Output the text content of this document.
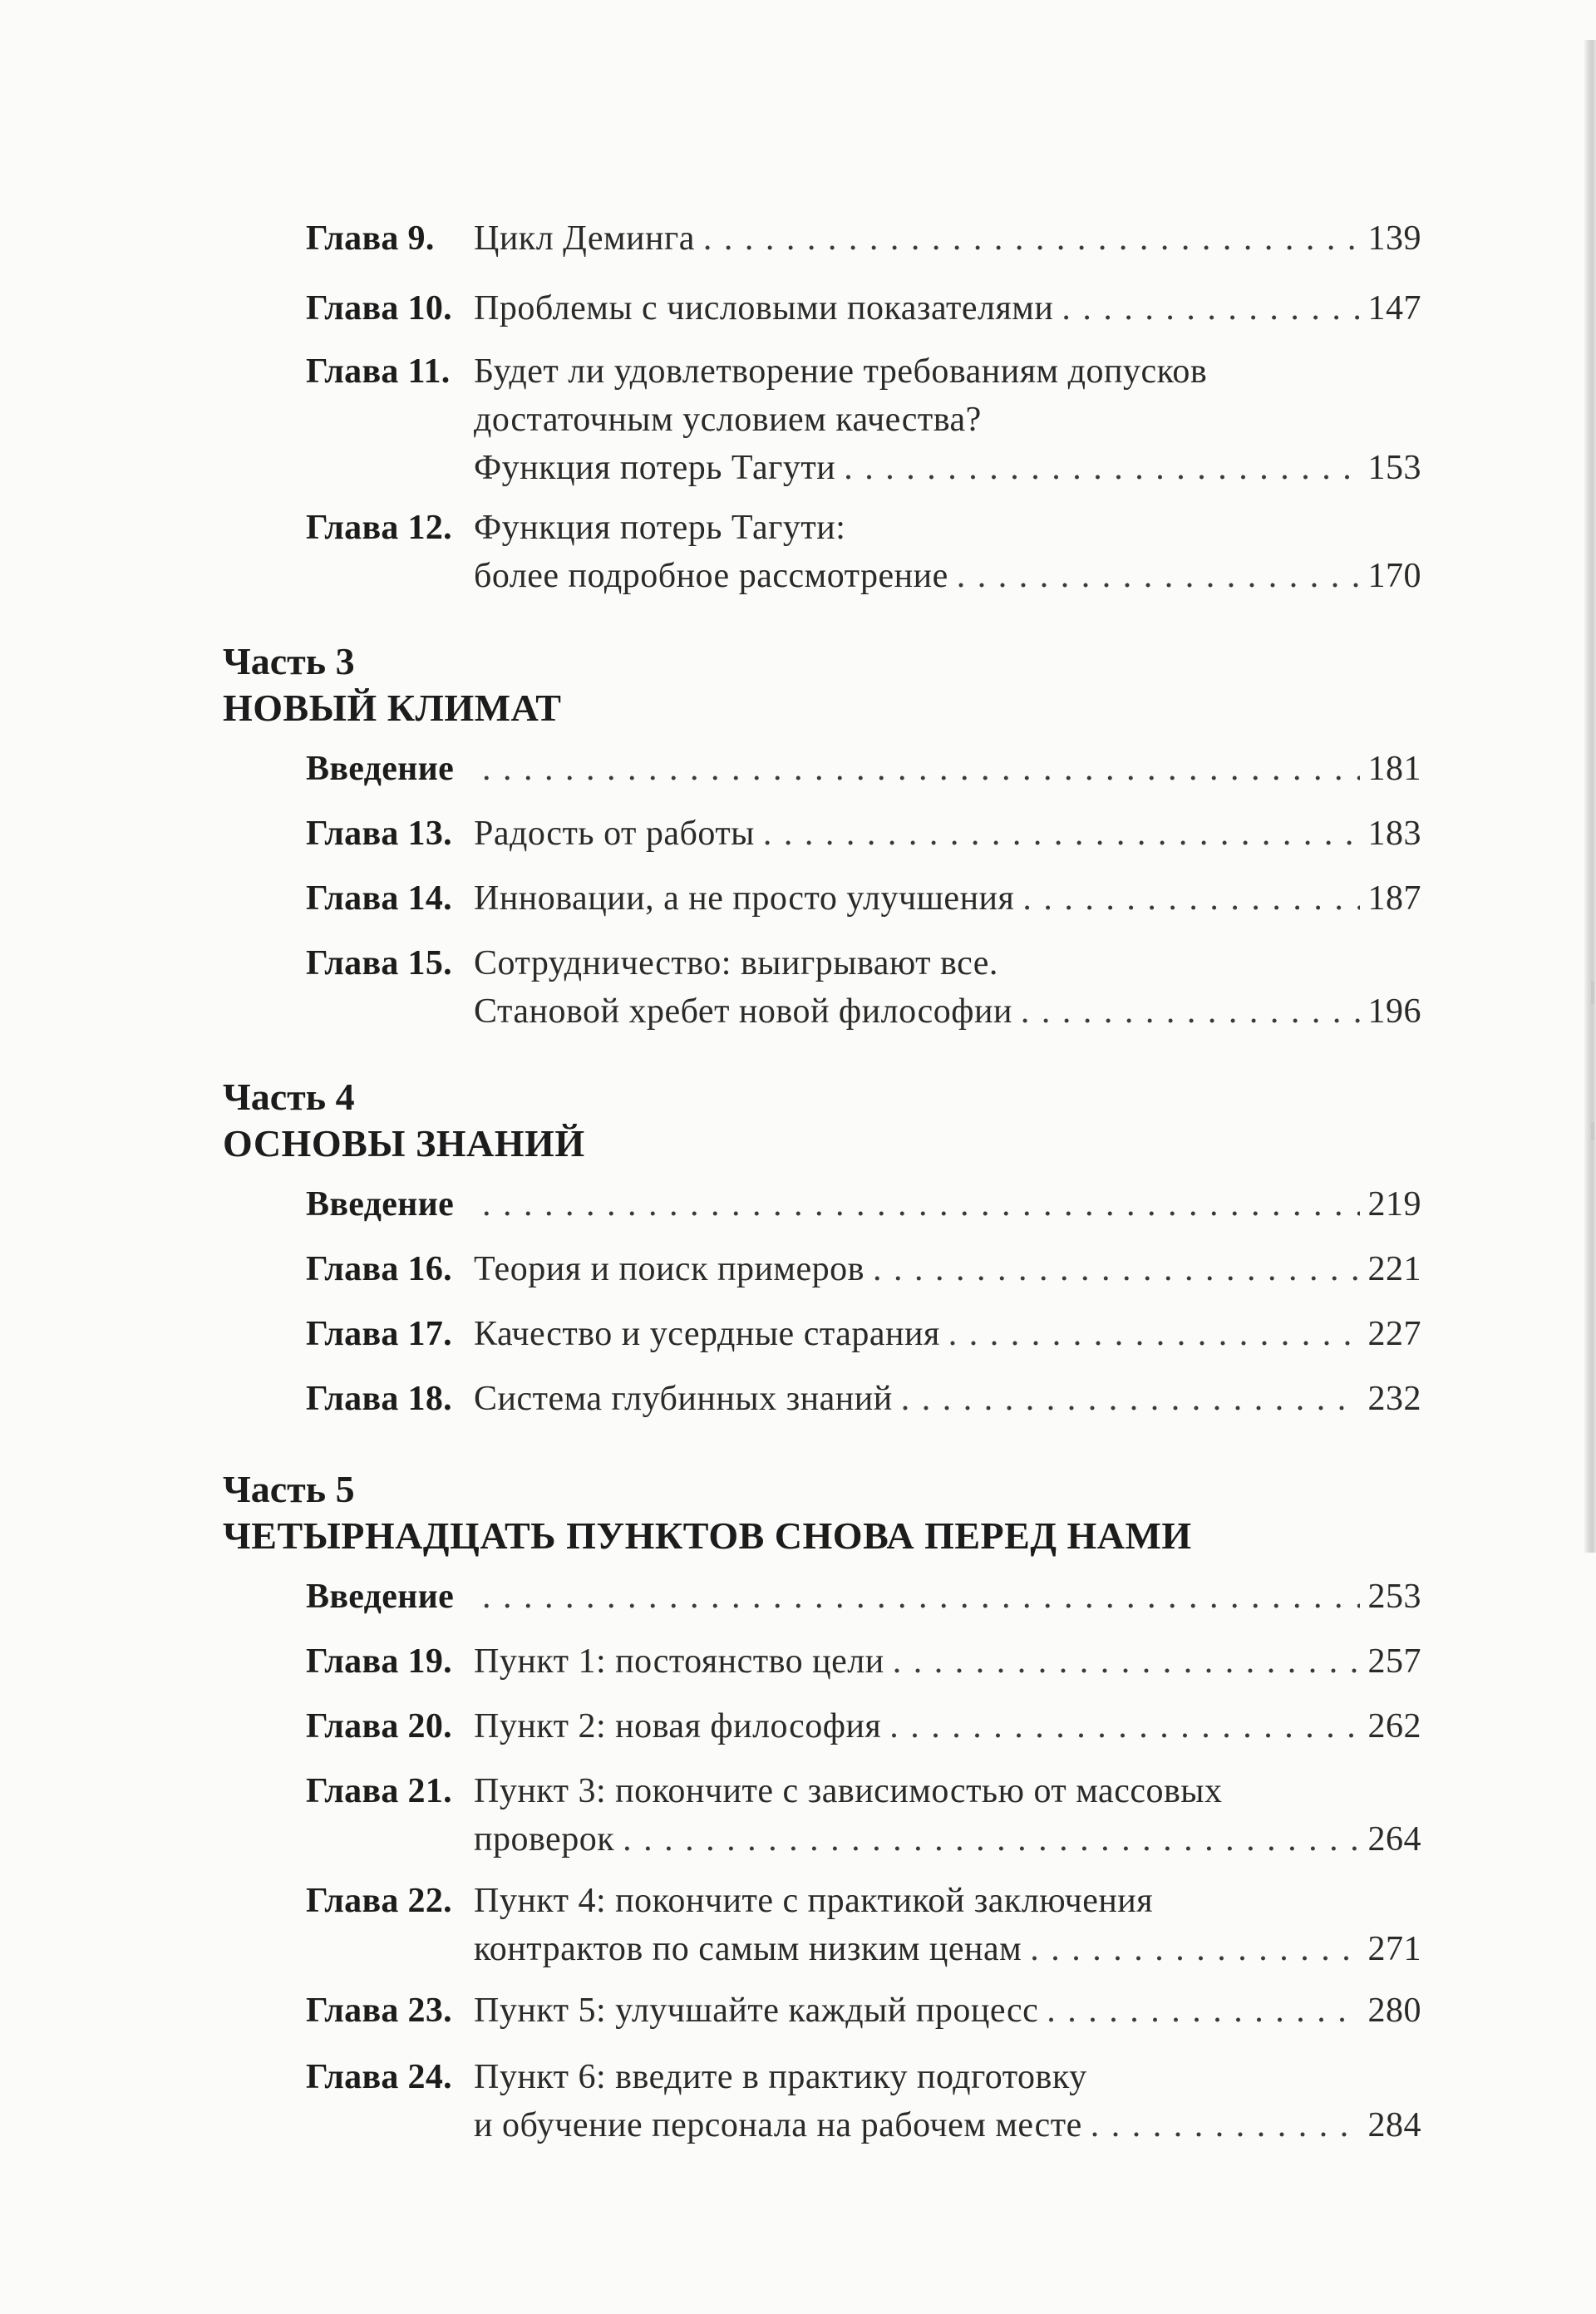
Глава 9. Цикл Деминга . . .	139
Глава 10. Проблемы с числовыми показателями . . .	147
Глава 11. Будет ли удовлетворение требованиям допусков
достаточным условием качества?
Функция потерь Тагути . . .	153
Глава 12. Функция потерь Тагути:
более подробное рассмотрение . . .	170
Часть 3
НОВЫЙ КЛИМАТ
Введение . . .	181
Глава 13. Радость от работы . . .	183
Глава 14. Инновации, а не просто улучшения . . .	187
Глава 15. Сотрудничество: выигрывают все.
Становой хребет новой философии . . .	196
Часть 4
ОСНОВЫ ЗНАНИЙ
Введение . . .	219
Глава 16. Теория и поиск примеров . . .	221
Глава 17. Качество и усердные старания . . .	227
Глава 18. Система глубинных знаний . . .	232
Часть 5
ЧЕТЫРНАДЦАТЬ ПУНКТОВ СНОВА ПЕРЕД НАМИ
Введение . . .	253
Глава 19. Пункт 1: постоянство цели . . .	257
Глава 20. Пункт 2: новая философия . . .	262
Глава 21. Пункт 3: покончите с зависимостью от массовых
проверок . . .	264
Глава 22. Пункт 4: покончите с практикой заключения
контрактов по самым низким ценам . . .	271
Глава 23. Пункт 5: улучшайте каждый процесс . . .	280
Глава 24. Пункт 6: введите в практику подготовку
и обучение персонала на рабочем месте . . .	284
